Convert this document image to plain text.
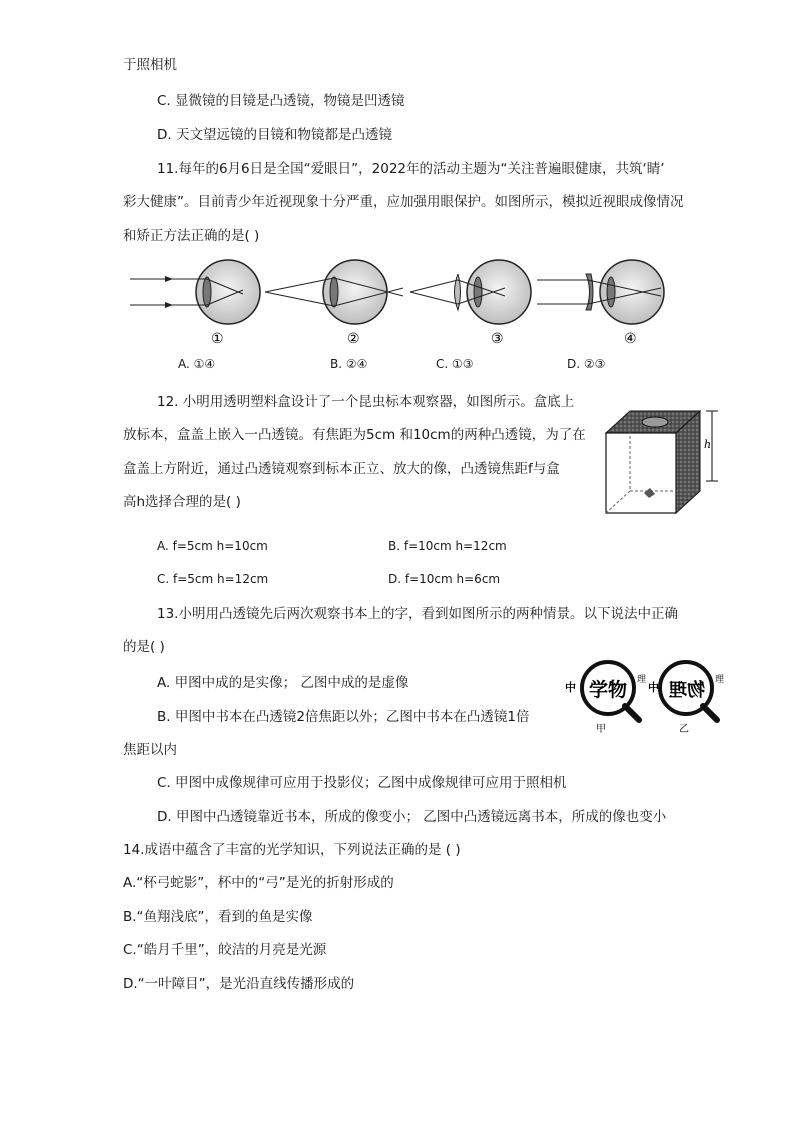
于照相机
C. 显微镜的目镜是凸透镜，物镜是凹透镜
D. 天文望远镜的目镜和物镜都是凸透镜
11.每年的6月6日是全国“爱眼日”，2022年的活动主题为“关注普遍眼健康，共筑‘睛’
彩大健康”。目前青少年近视现象十分严重，应加强用眼保护。如图所示，模拟近视眼成像情况
和矫正方法正确的是( )
①	②	③	④
A. ①④	B. ②④	C. ①③	D. ②③
12. 小明用透明塑料盒设计了一个昆虫标本观察器，如图所示。盒底上
放标本，盒盖上嵌入一凸透镜。有焦距为5cm 和10cm的两种凸透镜，为了在
盒盖上方附近，通过凸透镜观察到标本正立、放大的像，凸透镜焦距f与盒
高h选择合理的是( )
h
A. f=5cm h=10cm	B. f=10cm h=12cm
C. f=5cm h=12cm	D. f=10cm h=6cm
13.小明用凸透镜先后两次观察书本上的字，看到如图所示的两种情景。以下说法中正确
的是( )
A. 甲图中成的是实像； 乙图中成的是虚像
B. 甲图中书本在凸透镜2倍焦距以外；乙图中书本在凸透镜1倍
焦距以内
C. 甲图中成像规律可应用于投影仪；乙图中成像规律可应用于照相机
D. 甲图中凸透镜靠近书本，所成的像变小； 乙图中凸透镜远离书本，所成的像也变小
中 学物 理
甲
中 物理 理
乙
14.成语中蕴含了丰富的光学知识，下列说法正确的是 ( )
A.“杯弓蛇影”，杯中的“弓”是光的折射形成的
B.“鱼翔浅底”，看到的鱼是实像
C.“皓月千里”，皎洁的月亮是光源
D.“一叶障目”，是光沿直线传播形成的
